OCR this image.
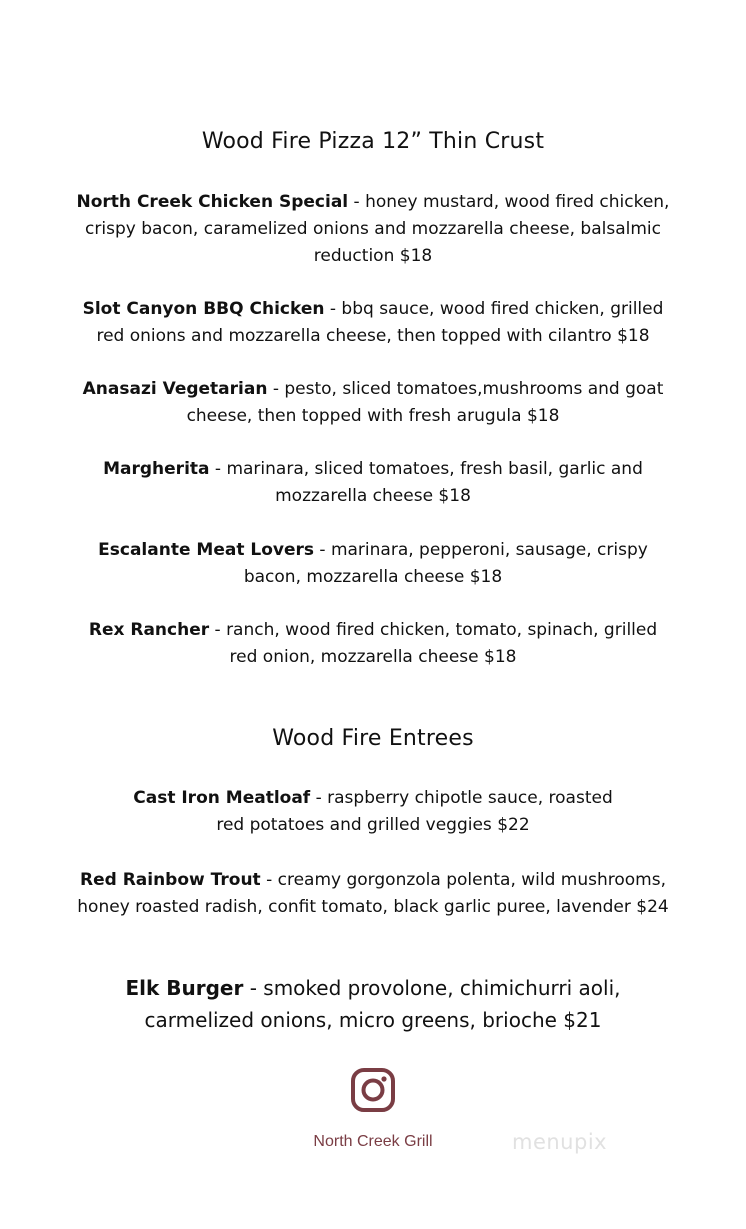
Wood Fire Pizza 12” Thin Crust

North Creek Chicken Special - honey mustard, wood fired chicken, crispy bacon, caramelized onions and mozzarella cheese, balsalmic reduction $18

Slot Canyon BBQ Chicken - bbq sauce, wood fired chicken, grilled red onions and mozzarella cheese, then topped with cilantro $18

Anasazi Vegetarian - pesto, sliced tomatoes,mushrooms and goat cheese, then topped with fresh arugula $18

Margherita - marinara, sliced tomatoes, fresh basil, garlic and mozzarella cheese $18

Escalante Meat Lovers - marinara, pepperoni, sausage, crispy bacon, mozzarella cheese $18

Rex Rancher - ranch, wood fired chicken, tomato, spinach, grilled red onion, mozzarella cheese $18

Wood Fire Entrees

Cast Iron Meatloaf - raspberry chipotle sauce, roasted red potatoes and grilled veggies $22

Red Rainbow Trout - creamy gorgonzola polenta, wild mushrooms, honey roasted radish, confit tomato, black garlic puree, lavender $24

Elk Burger - smoked provolone, chimichurri aoli, carmelized onions, micro greens, brioche $21

North Creek Grill	menupix
